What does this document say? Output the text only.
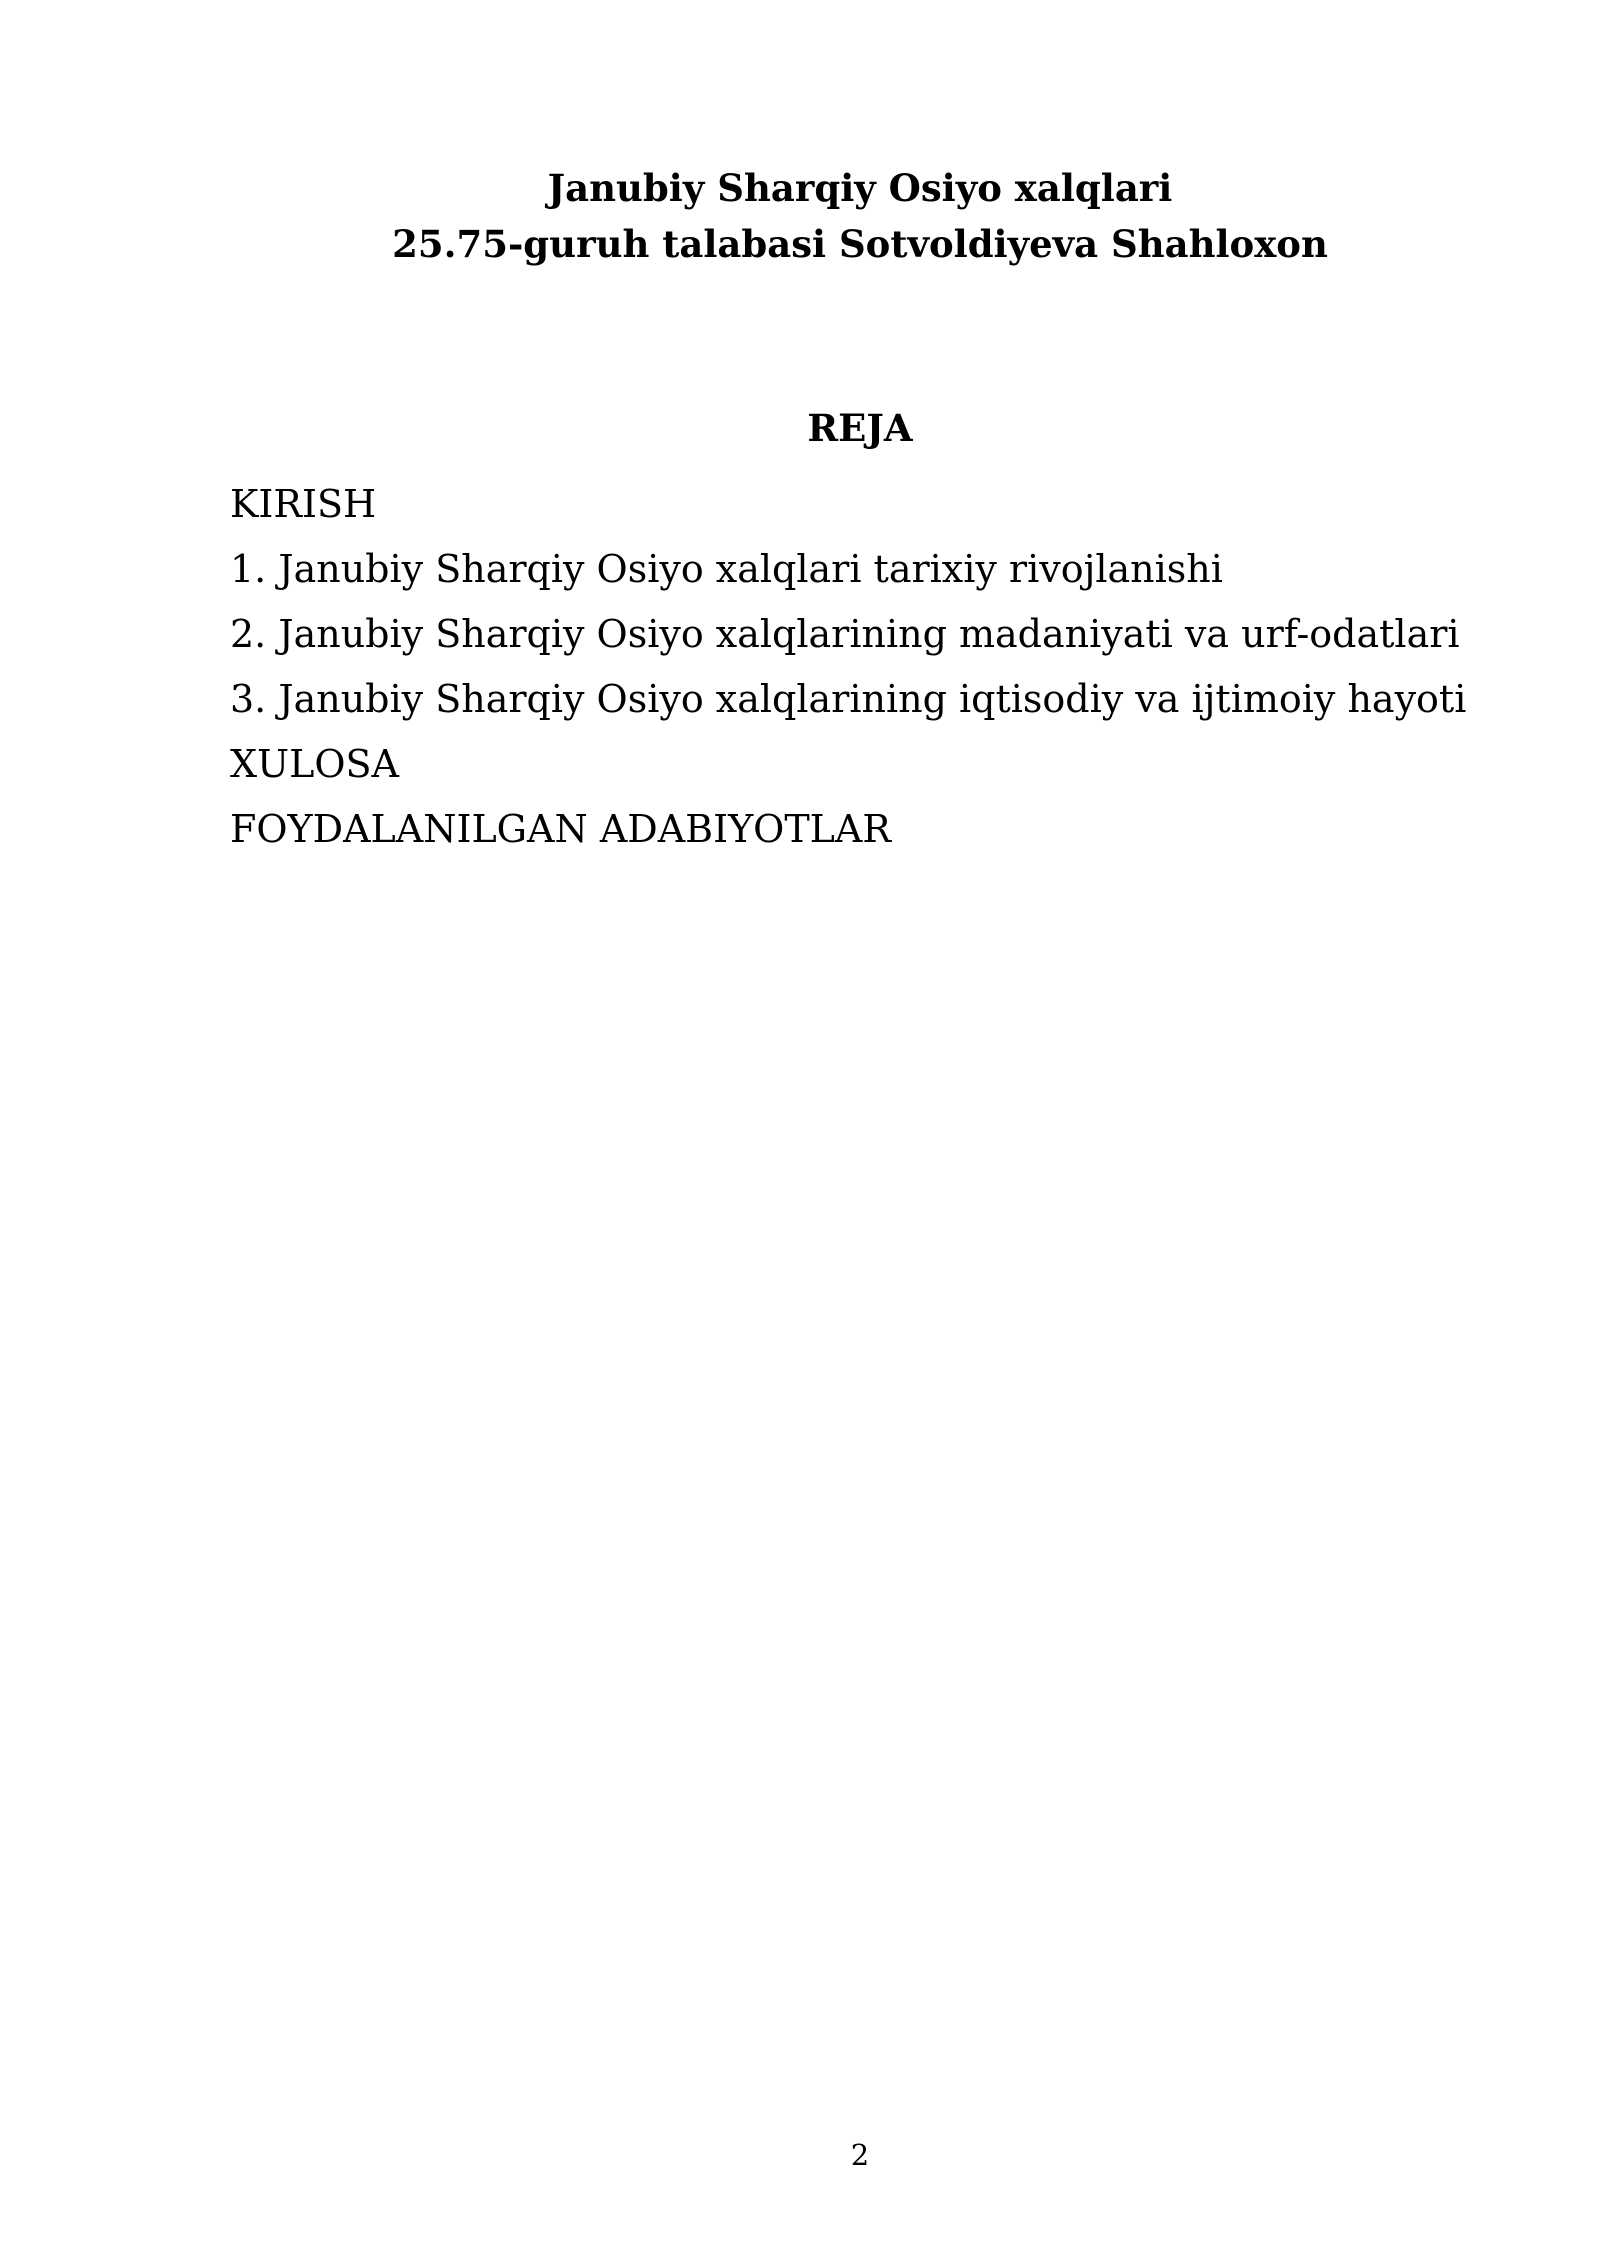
Janubiy Sharqiy Osiyo xalqlari
25.75-guruh talabasi Sotvoldiyeva Shahloxon
REJA
KIRISH
1. Janubiy Sharqiy Osiyo xalqlari tarixiy rivojlanishi
2. Janubiy Sharqiy Osiyo xalqlarining madaniyati va urf-odatlari
3. Janubiy Sharqiy Osiyo xalqlarining iqtisodiy va ijtimoiy hayoti
XULOSA
FOYDALANILGAN ADABIYOTLAR
2
